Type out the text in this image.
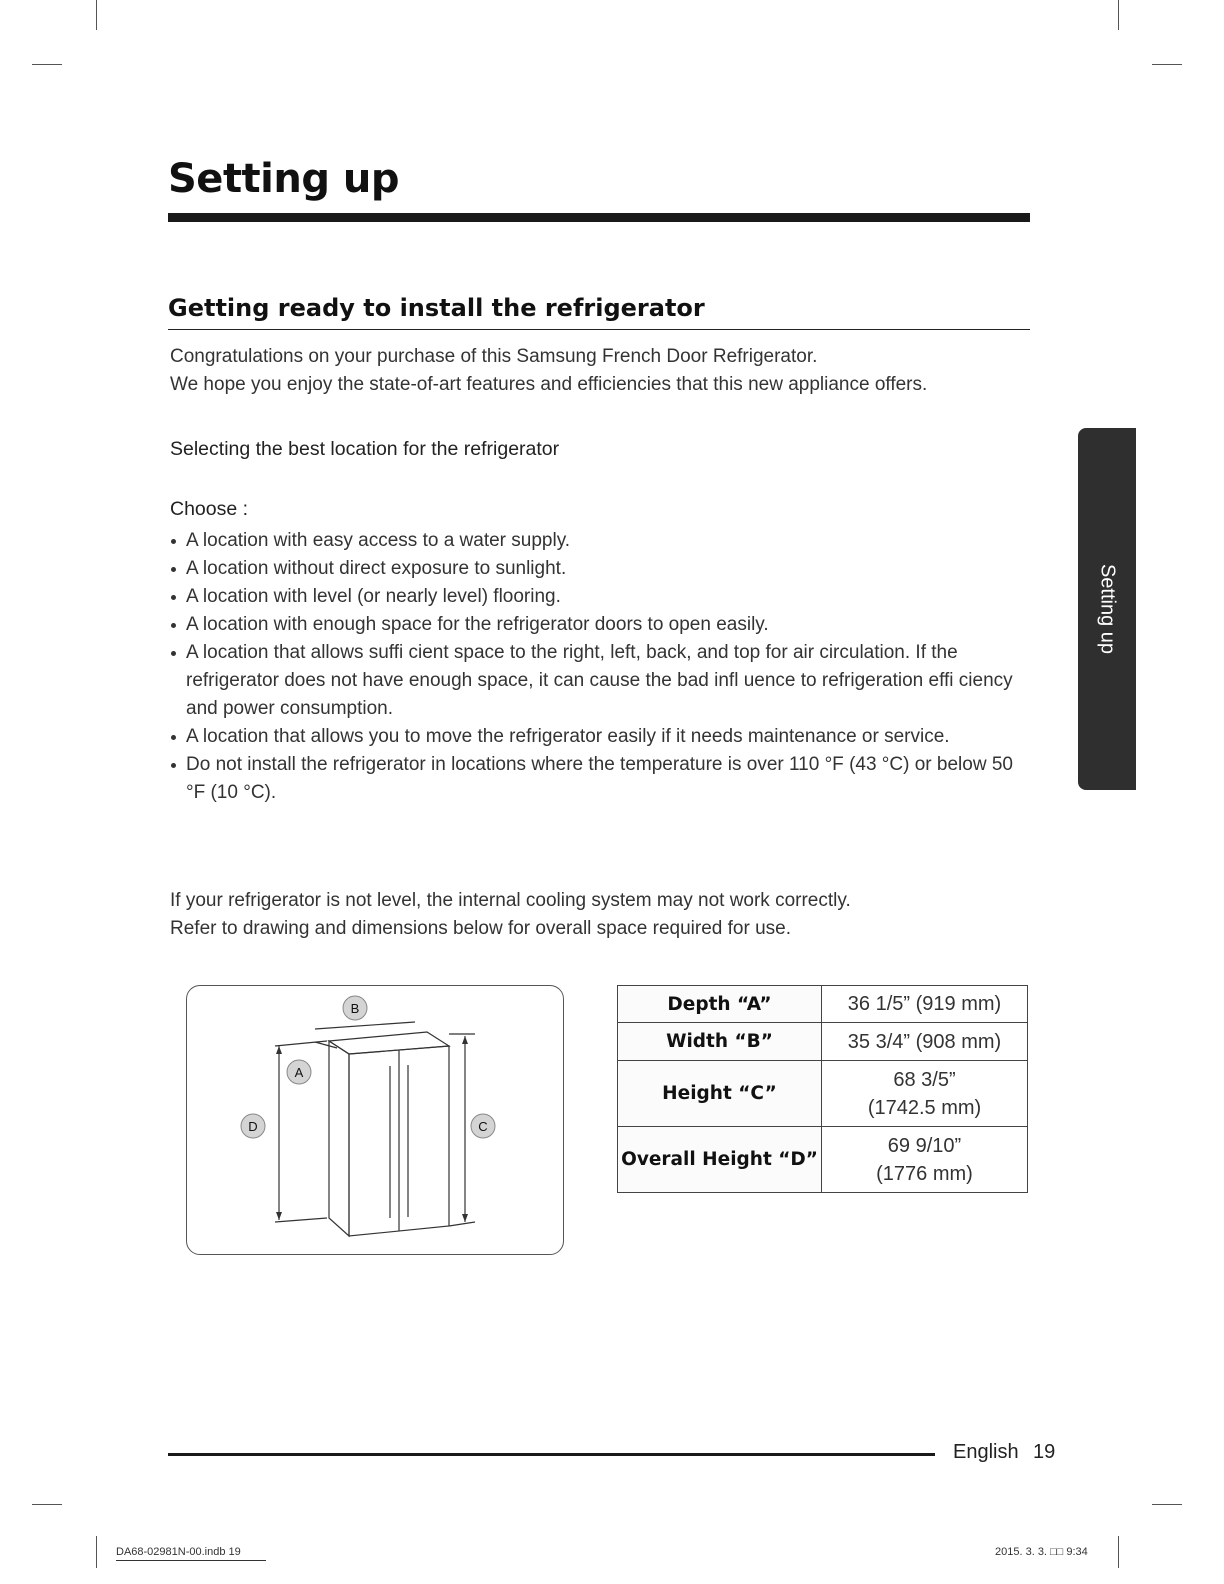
Setting up
Getting ready to install the refrigerator

Congratulations on your purchase of this Samsung French Door Refrigerator.
We hope you enjoy the state-of-art features and efficiencies that this new appliance offers.

Selecting the best location for the refrigerator

Choose :
A location with easy access to a water supply.
A location without direct exposure to sunlight.
A location with level (or nearly level) flooring.
A location with enough space for the refrigerator doors to open easily.
A location that allows suffi cient space to the right, left, back, and top for air circulation. If the refrigerator does not have enough space, it can cause the bad infl uence to refrigeration effi ciency and power consumption.
A location that allows you to move the refrigerator easily if it needs maintenance or service.
Do not install the refrigerator in locations where the temperature is over 110 °F (43 °C) or below 50 °F (10 °C).

If your refrigerator is not level, the internal cooling system may not work correctly.
Refer to drawing and dimensions below for overall space required for use.

Setting up
B
A
D	C
Depth “A”	36 1/5” (919 mm)
Width “B”	35 3/4” (908 mm)
Height “C”	68 3/5”
(1742.5 mm)
Overall Height “D”	69 9/10”
(1776 mm)
English 19
DA68-02981N-00.indb 19	2015. 3. 3. □□ 9:34
